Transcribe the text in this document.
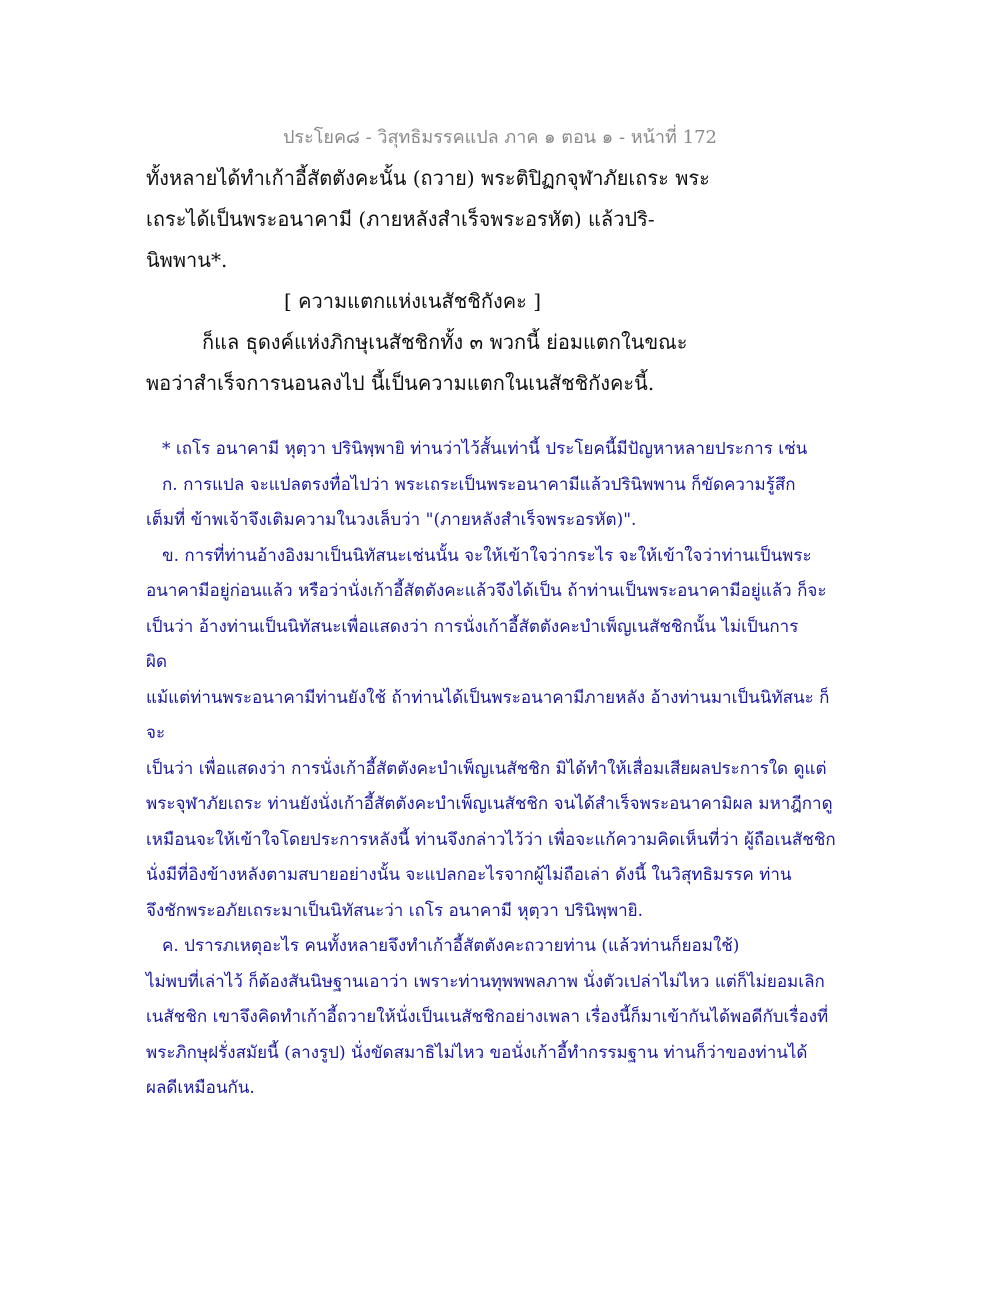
ประโยค๘ - วิสุทธิมรรคแปล ภาค ๑ ตอน ๑ - หน้าที่ 172
ทั้งหลายได้ทำเก้าอี้สัตตังคะนั้น (ถวาย) พระติปิฏกจุฬาภัยเถระ พระ
เถระได้เป็นพระอนาคามี (ภายหลังสำเร็จพระอรหัต) แล้วปริ-
นิพพาน*.
[ ความแตกแห่งเนสัชชิกังคะ ]
ก็แล ธุดงค์แห่งภิกษุเนสัชชิกทั้ง ๓ พวกนี้ ย่อมแตกในขณะ
พอว่าสำเร็จการนอนลงไป นี้เป็นความแตกในเนสัชชิกังคะนี้.
* เถโร อนาคามี หุตฺวา ปรินิพฺพายิ ท่านว่าไว้สั้นเท่านี้ ประโยคนี้มีปัญหาหลายประการ เช่น
ก. การแปล จะแปลตรงทื่อไปว่า พระเถระเป็นพระอนาคามีแล้วปรินิพพาน ก็ขัดความรู้สึก
เต็มที่ ข้าพเจ้าจึงเติมความในวงเล็บว่า "(ภายหลังสำเร็จพระอรหัต)".
ข. การที่ท่านอ้างอิงมาเป็นนิทัสนะเช่นนั้น จะให้เข้าใจว่ากระไร จะให้เข้าใจว่าท่านเป็นพระ
อนาคามีอยู่ก่อนแล้ว หรือว่านั่งเก้าอี้สัตตังคะแล้วจึงได้เป็น ถ้าท่านเป็นพระอนาคามีอยู่แล้ว ก็จะ
เป็นว่า อ้างท่านเป็นนิทัสนะเพื่อแสดงว่า การนั่งเก้าอี้สัตตังคะบำเพ็ญเนสัชชิกนั้น ไม่เป็นการ
ผิด
แม้แต่ท่านพระอนาคามีท่านยังใช้ ถ้าท่านได้เป็นพระอนาคามีภายหลัง อ้างท่านมาเป็นนิทัสนะ ก็
จะ
เป็นว่า เพื่อแสดงว่า การนั่งเก้าอี้สัตตังคะบำเพ็ญเนสัชชิก มิได้ทำให้เสื่อมเสียผลประการใด ดูแต่
พระจุฬาภัยเถระ ท่านยังนั่งเก้าอี้สัตตังคะบำเพ็ญเนสัชชิก จนได้สำเร็จพระอนาคามิผล มหาฎีกาดู
เหมือนจะให้เข้าใจโดยประการหลังนี้ ท่านจึงกล่าวไว้ว่า เพื่อจะแก้ความคิดเห็นที่ว่า ผู้ถือเนสัชชิก
นั่งมีที่อิงข้างหลังตามสบายอย่างนั้น จะแปลกอะไรจากผู้ไม่ถือเล่า ดังนี้ ในวิสุทธิมรรค ท่าน
จึงชักพระอภัยเถระมาเป็นนิทัสนะว่า เถโร อนาคามี หุตฺวา ปรินิพฺพายิ.
ค. ปรารภเหตุอะไร คนทั้งหลายจึงทำเก้าอี้สัตตังคะถวายท่าน (แล้วท่านก็ยอมใช้)
ไม่พบที่เล่าไว้ ก็ต้องสันนิษฐานเอาว่า เพราะท่านทุพพพลภาพ นั่งตัวเปล่าไม่ไหว แต่ก็ไม่ยอมเลิก
เนสัชชิก เขาจึงคิดทำเก้าอี้ถวายให้นั่งเป็นเนสัชชิกอย่างเพลา เรื่องนี้ก็มาเข้ากันได้พอดีกับเรื่องที่
พระภิกษุฝรั่งสมัยนี้ (ลางรูป) นั่งขัดสมาธิไม่ไหว ขอนั่งเก้าอี้ทำกรรมฐาน ท่านก็ว่าของท่านได้
ผลดีเหมือนกัน.
